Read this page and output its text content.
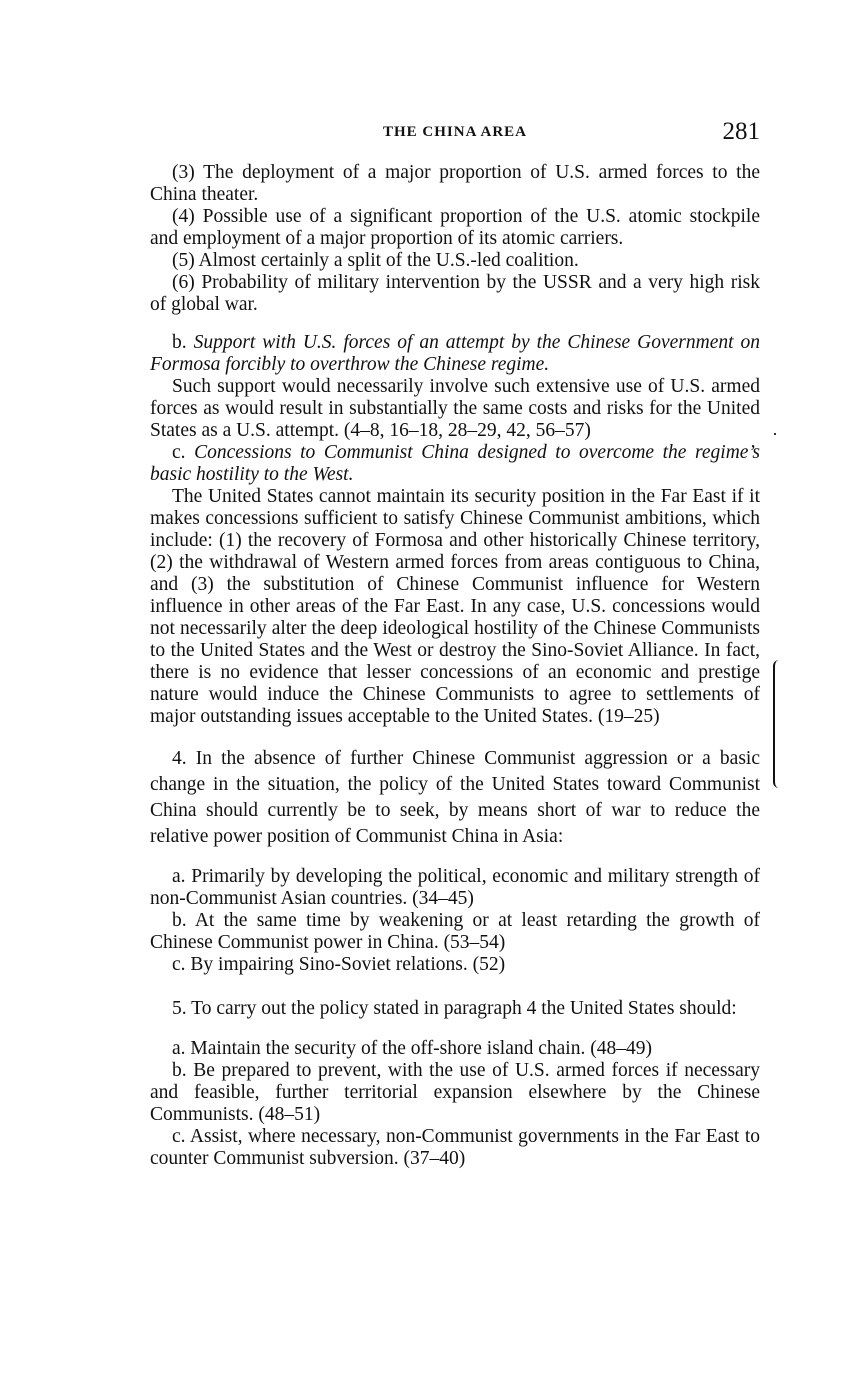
THE CHINA AREA	281

(3) The deployment of a major proportion of U.S. armed forces to the China theater.

(4) Possible use of a significant proportion of the U.S. atomic stockpile and employment of a major proportion of its atomic carriers.

(5) Almost certainly a split of the U.S.-led coalition.

(6) Probability of military intervention by the USSR and a very high risk of global war.

b. Support with U.S. forces of an attempt by the Chinese Government on Formosa forcibly to overthrow the Chinese regime.

Such support would necessarily involve such extensive use of U.S. armed forces as would result in substantially the same costs and risks for the United States as a U.S. attempt. (4–8, 16–18, 28–29, 42, 56–57)

c. Concessions to Communist China designed to overcome the regime’s basic hostility to the West.

The United States cannot maintain its security position in the Far East if it makes concessions sufficient to satisfy Chinese Communist ambitions, which include: (1) the recovery of Formosa and other historically Chinese territory, (2) the withdrawal of Western armed forces from areas contiguous to China, and (3) the substitution of Chinese Communist influence for Western influence in other areas of the Far East. In any case, U.S. concessions would not necessarily alter the deep ideological hostility of the Chinese Communists to the United States and the West or destroy the Sino-Soviet Alliance. In fact, there is no evidence that lesser concessions of an economic and prestige nature would induce the Chinese Communists to agree to settlements of major outstanding issues acceptable to the United States. (19–25)

4. In the absence of further Chinese Communist aggression or a basic change in the situation, the policy of the United States toward Communist China should currently be to seek, by means short of war to reduce the relative power position of Communist China in Asia:

a. Primarily by developing the political, economic and military strength of non-Communist Asian countries. (34–45)

b. At the same time by weakening or at least retarding the growth of Chinese Communist power in China. (53–54)

c. By impairing Sino-Soviet relations. (52)

5. To carry out the policy stated in paragraph 4 the United States should:

a. Maintain the security of the off-shore island chain. (48–49)

b. Be prepared to prevent, with the use of U.S. armed forces if necessary and feasible, further territorial expansion elsewhere by the Chinese Communists. (48–51)

c. Assist, where necessary, non-Communist governments in the Far East to counter Communist subversion. (37–40)
